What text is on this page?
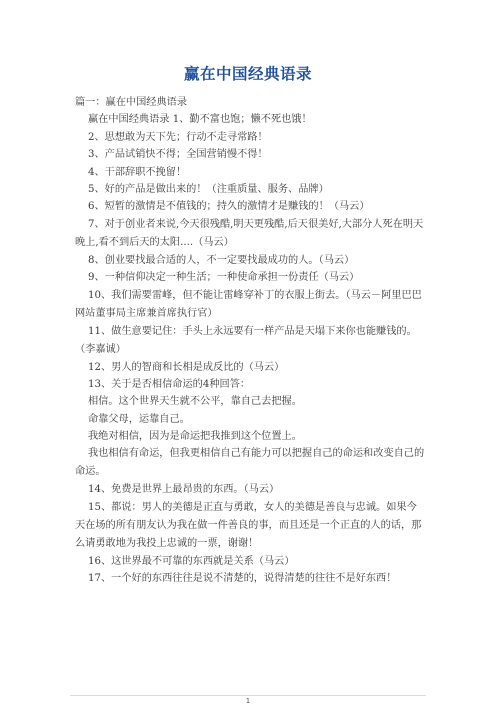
赢在中国经典语录
篇一：赢在中国经典语录
赢在中国经典语录 1、勤不富也饱；懒不死也饿！
2、思想敢为天下先；行动不走寻常路！
3、产品试销快不得；全国营销慢不得！
4、干部辞职不挽留！
5、好的产品是做出来的！（注重质量、服务、品牌）
6、短暂的激情是不值钱的；持久的激情才是赚钱的！（马云）
7、对于创业者来说,今天很残酷,明天更残酷,后天很美好,大部分人死在明天晚上,看不到后天的太阳....（马云）
8、创业要找最合适的人，不一定要找最成功的人。（马云）
9、一种信仰决定一种生活；一种使命承担一份责任（马云）
10、我们需要雷峰，但不能让雷峰穿补丁的衣服上街去。（马云－阿里巴巴网站董事局主席兼首席执行官）
11、做生意要记住：手头上永远要有一样产品是天塌下来你也能赚钱的。（李嘉诚）
12、男人的智商和长相是成反比的（马云）
13、关于是否相信命运的4种回答：
相信。这个世界天生就不公平，靠自己去把握。
命靠父母，运靠自己。
我绝对相信，因为是命运把我推到这个位置上。
我也相信有命运，但我更相信自己有能力可以把握自己的命运和改变自己的命运。
14、免费是世界上最昂贵的东西。（马云）
15、都说：男人的美德是正直与勇敢，女人的美德是善良与忠诚。如果今天在场的所有朋友认为我在做一件善良的事，而且还是一个正直的人的话，那么请勇敢地为我投上忠诚的一票，谢谢！
16、这世界最不可靠的东西就是关系（马云）
17、一个好的东西往往是说不清楚的，说得清楚的往往不是好东西！
1
